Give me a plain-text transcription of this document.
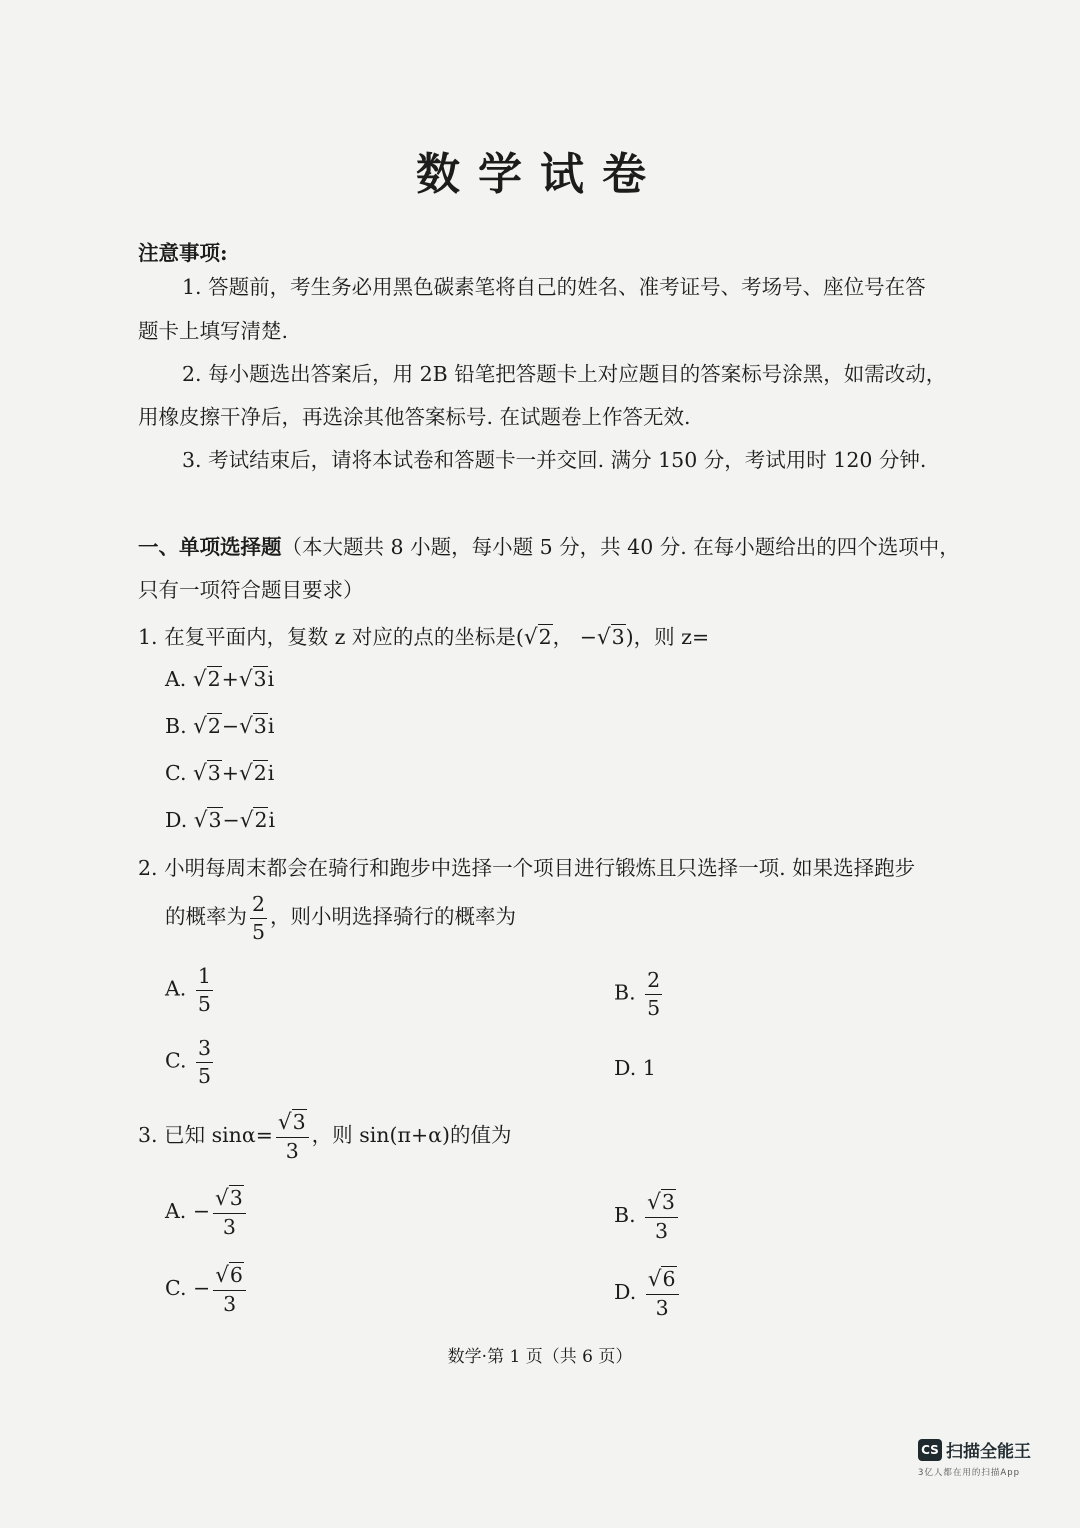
数学试卷
注意事项:
1. 答题前，考生务必用黑色碳素笔将自己的姓名、准考证号、考场号、座位号在答
题卡上填写清楚.
2. 每小题选出答案后，用 2B 铅笔把答题卡上对应题目的答案标号涂黑，如需改动，
用橡皮擦干净后，再选涂其他答案标号. 在试题卷上作答无效.
3. 考试结束后，请将本试卷和答题卡一并交回. 满分 150 分，考试用时 120 分钟.
一、单项选择题（本大题共 8 小题，每小题 5 分，共 40 分. 在每小题给出的四个选项中，
只有一项符合题目要求）
1. 在复平面内，复数 z 对应的点的坐标是(√2， −√3)，则 z=
A. √2+√3i
B. √2−√3i
C. √3+√2i
D. √3−√2i
2. 小明每周末都会在骑行和跑步中选择一个项目进行锻炼且只选择一项. 如果选择跑步
的概率为 $\frac{2}{5}$ ，则小明选择骑行的概率为
A. $\frac{1}{5}$	B. $\frac{2}{5}$
C. $\frac{3}{5}$	D. 1
3. 已知 $\sin\alpha= \frac{√3}{3}$ ，则 sin(π+α)的值为
A. − $\frac{√3}{3}$	B. $\frac{√3}{3}$
C. − $\frac{√6}{3}$	D. $\frac{√6}{3}$
数学·第 1 页（共 6 页）
CS 扫描全能王
3亿人都在用的扫描App
